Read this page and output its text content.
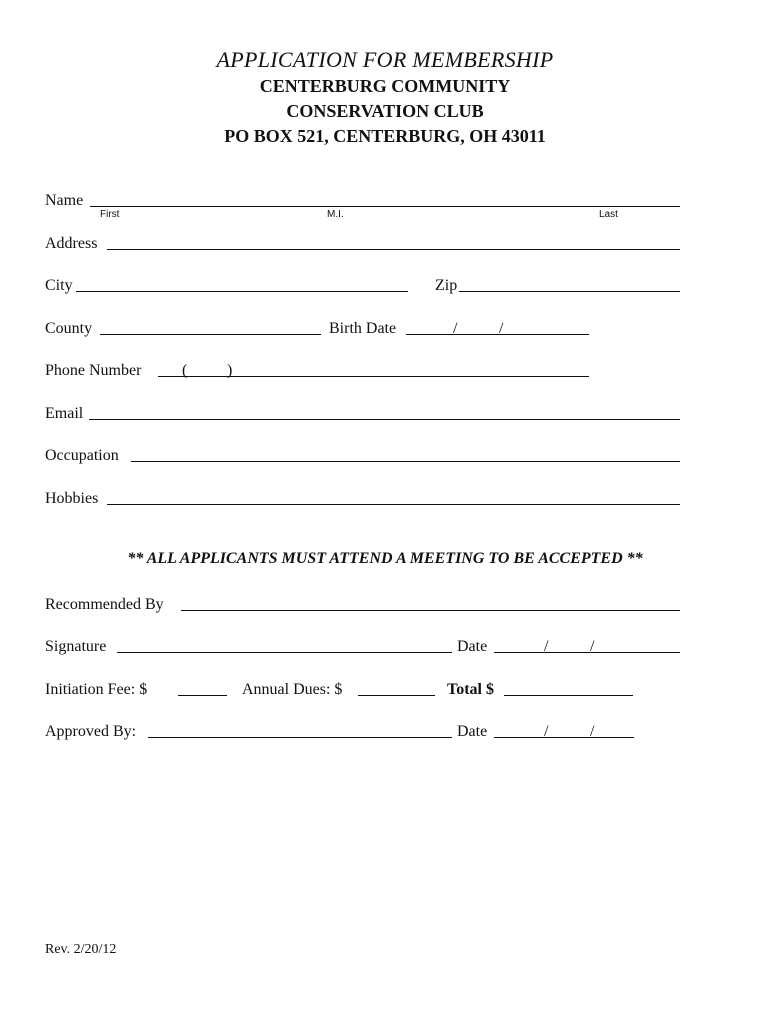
APPLICATION FOR MEMBERSHIP
CENTERBURG COMMUNITY
CONSERVATION CLUB
PO BOX 521, CENTERBURG, OH 43011
Name
First	M.I.	Last
Address
City	Zip
County	Birth Date	/	/
Phone Number	( )
Email
Occupation
Hobbies
** ALL APPLICANTS MUST ATTEND A MEETING TO BE ACCEPTED **
Recommended By
Signature	Date	/	/
Initiation Fee: $	Annual Dues: $	Total $
Approved By:	Date	/	/
Rev. 2/20/12
